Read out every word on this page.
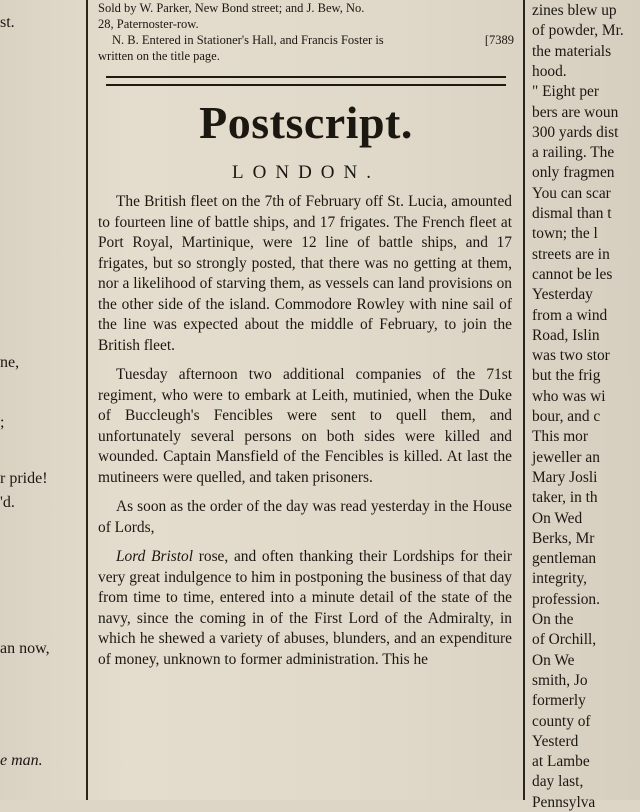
st.
ne,
;
r pride!
'd.
an now,
e man.

Sold by W. Parker, New Bond street; and J. Bew, No.

28, Paternoster-row.

N. B. Entered in Stationer's Hall, and Francis Foster is

written on the title page.

[7389
Postscript.
LONDON.

The British fleet on the 7th of February off St. Lucia, amounted to fourteen line of battle ships, and 17 frigates. The French fleet at Port Royal, Martinique, were 12 line of battle ships, and 17 frigates, but so strongly posted, that there was no getting at them, nor a likelihood of starving them, as vessels can land provisions on the other side of the island. Commodore Rowley with nine sail of the line was expected about the middle of February, to join the British fleet.

Tuesday afternoon two additional companies of the 71st regiment, who were to embark at Leith, mutinied, when the Duke of Buccleugh's Fencibles were sent to quell them, and unfortunately several persons on both sides were killed and wounded. Captain Mansfield of the Fencibles is killed. At last the mutineers were quelled, and taken prisoners.

As soon as the order of the day was read yesterday in the House of Lords,

Lord Bristol rose, and often thanking their Lordships for their very great indulgence to him in postponing the business of that day from time to time, entered into a minute detail of the state of the navy, since the coming in of the First Lord of the Admiralty, in which he shewed a variety of abuses, blunders, and an expenditure of money, unknown to former administration. This he

zines blew up
of powder, Mr.
the materials
hood.
" Eight per
bers are woun
300 yards dist
a railing. The
only fragmen
You can scar
dismal than t
town; the l
streets are in
cannot be les
Yesterday
from a wind
Road, Islin
was two stor
but the frig
who was wi
bour, and c
This mor
jeweller an
Mary Josli
taker, in th
On Wed
Berks, Mr
gentleman
integrity,
profession.
On the
of Orchill,
On We
smith, Jo
formerly
county of
Yesterd
at Lambe
day last,
Pennsylva
